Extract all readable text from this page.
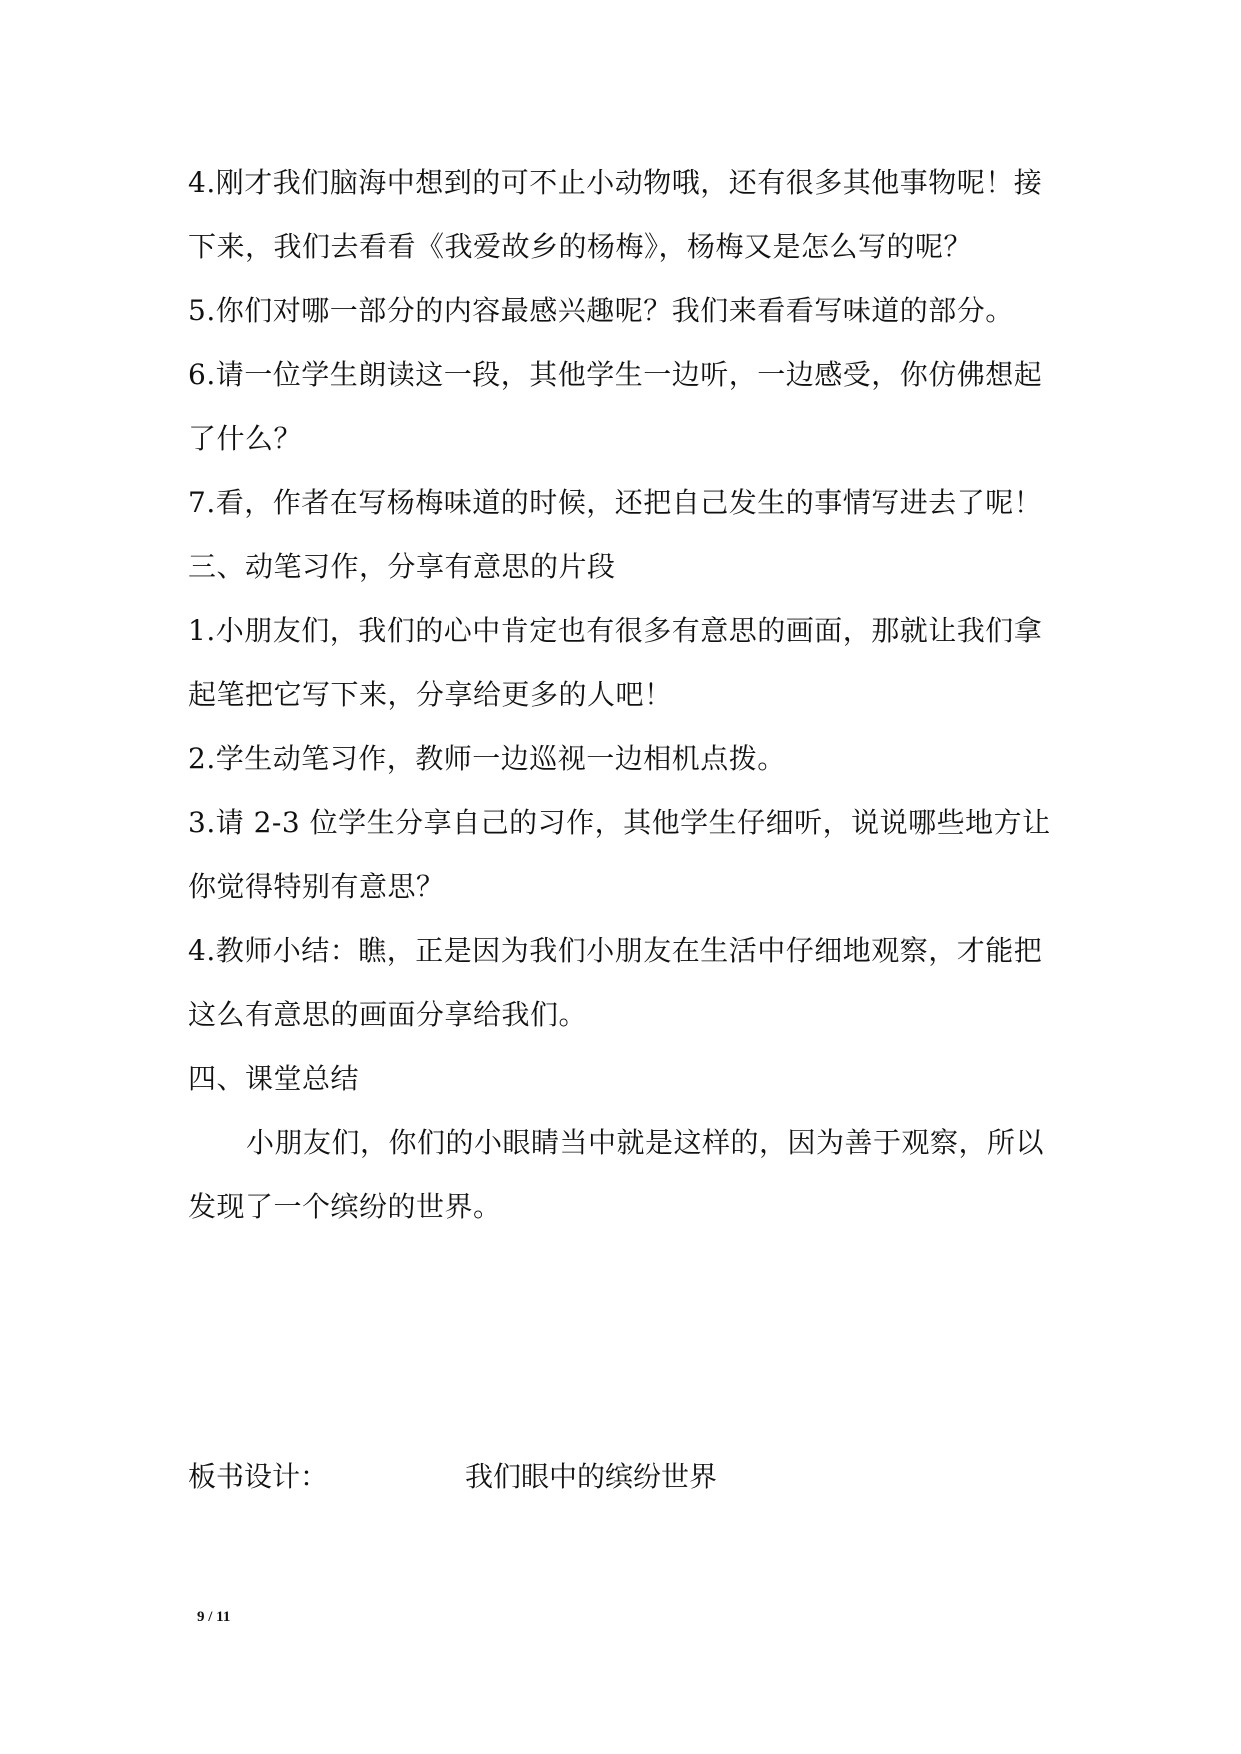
4.刚才我们脑海中想到的可不止小动物哦，还有很多其他事物呢！接
下来，我们去看看《我爱故乡的杨梅》，杨梅又是怎么写的呢？
5.你们对哪一部分的内容最感兴趣呢？我们来看看写味道的部分。
6.请一位学生朗读这一段，其他学生一边听，一边感受，你仿佛想起
了什么？
7.看，作者在写杨梅味道的时候，还把自己发生的事情写进去了呢！
三、动笔习作，分享有意思的片段
1.小朋友们，我们的心中肯定也有很多有意思的画面，那就让我们拿
起笔把它写下来，分享给更多的人吧！
2.学生动笔习作，教师一边巡视一边相机点拨。
3.请 2-3 位学生分享自己的习作，其他学生仔细听，说说哪些地方让
你觉得特别有意思？
4.教师小结：瞧，正是因为我们小朋友在生活中仔细地观察，才能把
这么有意思的画面分享给我们。
四、课堂总结
小朋友们，你们的小眼睛当中就是这样的，因为善于观察，所以
发现了一个缤纷的世界。
板书设计：	我们眼中的缤纷世界
9 / 11
